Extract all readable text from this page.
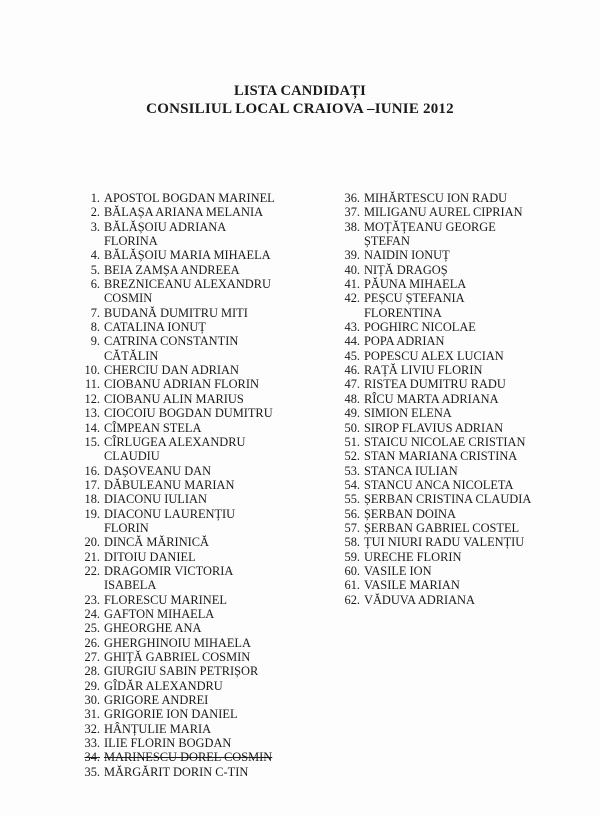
LISTA CANDIDAȚI
CONSILIUL LOCAL CRAIOVA –IUNIE 2012
1. APOSTOL BOGDAN MARINEL
2. BĂLAȘA ARIANA MELANIA
3. BĂLĂȘOIU ADRIANA
FLORINA
4. BĂLĂȘOIU MARIA MIHAELA
5. BEIA ZAMȘA ANDREEA
6. BREZNICEANU ALEXANDRU
COSMIN
7. BUDANĂ DUMITRU MITI
8. CATALINA IONUȚ
9. CATRINA CONSTANTIN
CĂTĂLIN
10. CHERCIU DAN ADRIAN
11. CIOBANU ADRIAN FLORIN
12. CIOBANU ALIN MARIUS
13. CIOCOIU BOGDAN DUMITRU
14. CÎMPEAN STELA
15. CÎRLUGEA ALEXANDRU
CLAUDIU
16. DAȘOVEANU DAN
17. DĂBULEANU MARIAN
18. DIACONU IULIAN
19. DIACONU LAURENȚIU
FLORIN
20. DINCĂ MĂRINICĂ
21. DITOIU DANIEL
22. DRAGOMIR VICTORIA
ISABELA
23. FLORESCU MARINEL
24. GAFTON MIHAELA
25. GHEORGHE ANA
26. GHERGHINOIU MIHAELA
27. GHIȚĂ GABRIEL COSMIN
28. GIURGIU SABIN PETRIȘOR
29. GÎDĂR ALEXANDRU
30. GRIGORE ANDREI
31. GRIGORIE ION DANIEL
32. HÂNȚULIE MARIA
33. ILIE FLORIN BOGDAN
34. MARINESCU DOREL COSMIN
35. MĂRGĂRIT DORIN C-TIN
36. MIHĂRTESCU ION RADU
37. MILIGANU AUREL CIPRIAN
38. MOȚĂȚEANU GEORGE
ȘTEFAN
39. NAIDIN IONUȚ
40. NIȚĂ DRAGOȘ
41. PĂUNA MIHAELA
42. PEȘCU ȘTEFANIA
FLORENTINA
43. POGHIRC NICOLAE
44. POPA ADRIAN
45. POPESCU ALEX LUCIAN
46. RAȚĂ LIVIU FLORIN
47. RISTEA DUMITRU RADU
48. RÎCU MARTA ADRIANA
49. SIMION ELENA
50. SIROP FLAVIUS ADRIAN
51. STAICU NICOLAE CRISTIAN
52. STAN MARIANA CRISTINA
53. STANCA IULIAN
54. STANCU ANCA NICOLETA
55. ȘERBAN CRISTINA CLAUDIA
56. ȘERBAN DOINA
57. ȘERBAN GABRIEL COSTEL
58. ȚUI NIURI RADU VALENȚIU
59. URECHE FLORIN
60. VASILE ION
61. VASILE MARIAN
62. VĂDUVA ADRIANA
